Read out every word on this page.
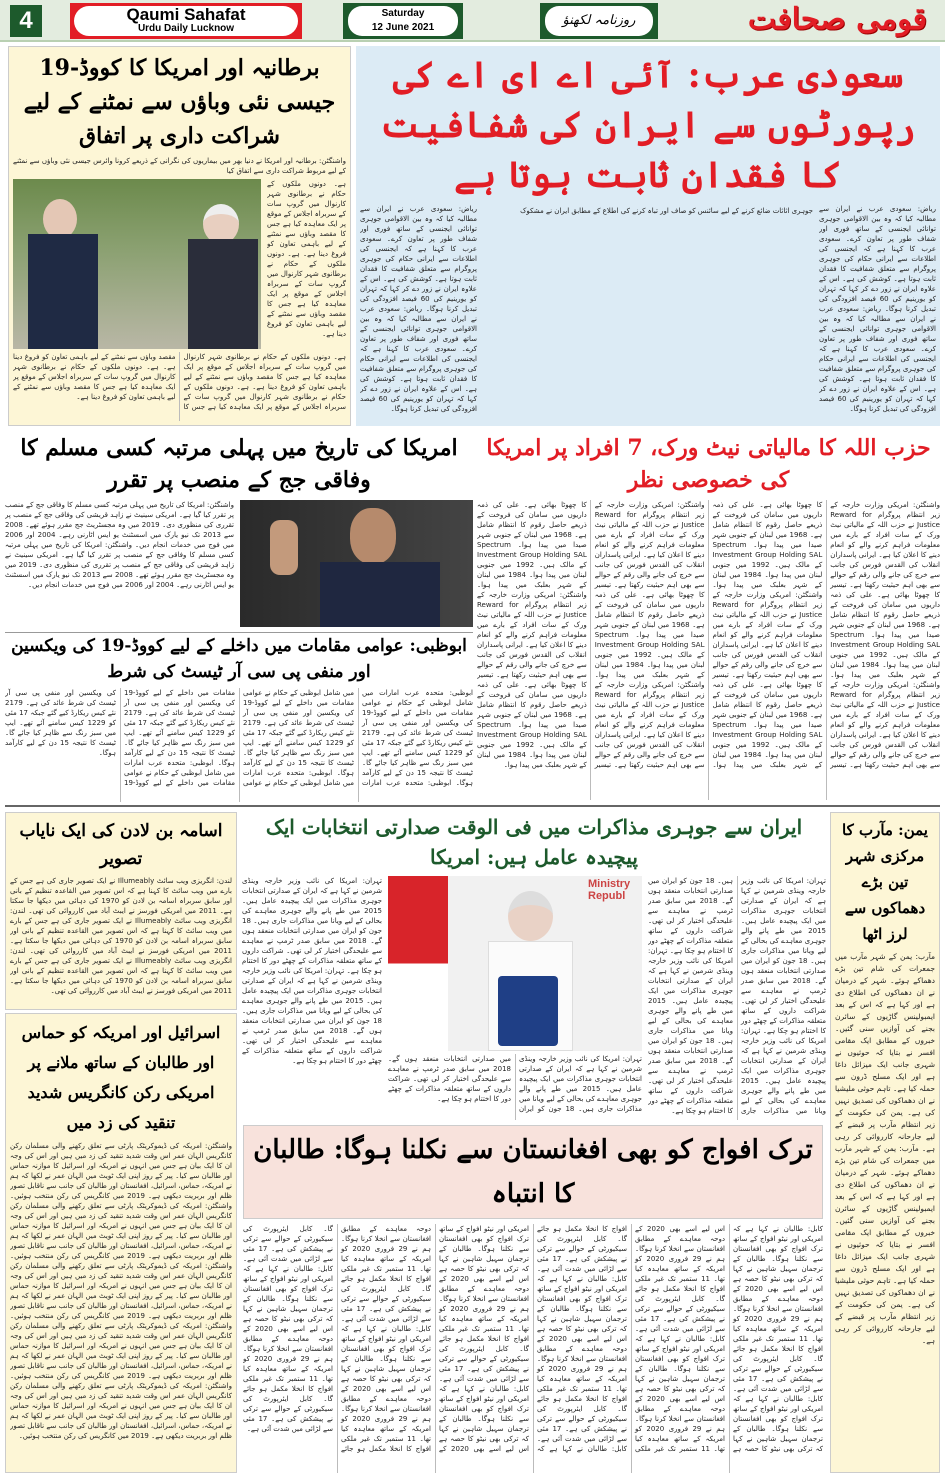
4	Qaumi Sahafat
Urdu Daily Lucknow
Saturday
12 June 2021	روزنامہ لکھنؤ	قومی صحافت
برطانیہ اور امریکا کا کووڈ-19 جیسی نئی وباؤں سے نمٹنے کے لیے شراکت داری پر اتفاق
واشنگٹن: برطانیہ اور امریکا نے دنیا بھر میں بیماریوں کی نگرانی کے ذریعے کرونا وائرس جیسی نئی وباؤں سے نمٹنے کے لیے مربوط شراکت داری سے اتفاق کیا
ہے۔ دونوں ملکوں کے حکام نے برطانوی شہر کارنوال میں گروپ سات کے سربراہ اجلاس کے موقع پر ایک معاہدہ کیا ہے جس کا مقصد وباؤں سے نمٹنے کے لیے باہمی تعاون کو فروغ دینا ہے۔ ہے۔ دونوں ملکوں کے حکام نے برطانوی شہر کارنوال میں گروپ سات کے سربراہ اجلاس کے موقع پر ایک معاہدہ کیا ہے جس کا مقصد وباؤں سے نمٹنے کے لیے باہمی تعاون کو فروغ دینا ہے۔
ہے۔ دونوں ملکوں کے حکام نے برطانوی شہر کارنوال میں گروپ سات کے سربراہ اجلاس کے موقع پر ایک معاہدہ کیا ہے جس کا مقصد وباؤں سے نمٹنے کے لیے باہمی تعاون کو فروغ دینا ہے۔ ہے۔ دونوں ملکوں کے حکام نے برطانوی شہر کارنوال میں گروپ سات کے سربراہ اجلاس کے موقع پر ایک معاہدہ کیا ہے جس کا مقصد وباؤں سے نمٹنے کے لیے باہمی تعاون کو فروغ دینا ہے۔ ہے۔ دونوں ملکوں کے حکام نے برطانوی شہر کارنوال میں گروپ سات کے سربراہ اجلاس کے موقع پر ایک معاہدہ کیا ہے جس کا مقصد وباؤں سے نمٹنے کے لیے باہمی تعاون کو فروغ دینا ہے۔
سعودی عرب: آئی اے ای اے کی رپورٹوں سے ایران کی شفافیت کا فقدان ثابت ہوتا ہے
ریاض: سعودی عرب نے ایران سے مطالبہ کیا کہ وہ بین الاقوامی جوہری توانائی ایجنسی کے ساتھ فوری اور شفاف طور پر تعاون کرے۔ سعودی عرب کا کہنا ہے کہ ایجنسی کی اطلاعات سے ایرانی حکام کی جوہری پروگرام سے متعلق شفافیت کا فقدان ثابت ہوتا ہے۔ کوشش کی ہے۔ اس کے علاوہ ایران نے زور دے کر کہا کہ تہران کو یورینیم کی 60 فیصد افزودگی کی تبدیل کرنا ہوگا۔ ریاض: سعودی عرب نے ایران سے مطالبہ کیا کہ وہ بین الاقوامی جوہری توانائی ایجنسی کے ساتھ فوری اور شفاف طور پر تعاون کرے۔ سعودی عرب کا کہنا ہے کہ ایجنسی کی اطلاعات سے ایرانی حکام کی جوہری پروگرام سے متعلق شفافیت کا فقدان ثابت ہوتا ہے۔ کوشش کی ہے۔ اس کے علاوہ ایران نے زور دے کر کہا کہ تہران کو یورینیم کی 60 فیصد افزودگی کی تبدیل کرنا ہوگا۔
جوہری اثاثات ضائع کرنے کے لیے سائنس کو صاف اور تباہ کرنے کی اطلاع کے مطابق ایران نے مشکوک
ریاض: سعودی عرب نے ایران سے مطالبہ کیا کہ وہ بین الاقوامی جوہری توانائی ایجنسی کے ساتھ فوری اور شفاف طور پر تعاون کرے۔ سعودی عرب کا کہنا ہے کہ ایجنسی کی اطلاعات سے ایرانی حکام کی جوہری پروگرام سے متعلق شفافیت کا فقدان ثابت ہوتا ہے۔ کوشش کی ہے۔ اس کے علاوہ ایران نے زور دے کر کہا کہ تہران کو یورینیم کی 60 فیصد افزودگی کی تبدیل کرنا ہوگا۔ ریاض: سعودی عرب نے ایران سے مطالبہ کیا کہ وہ بین الاقوامی جوہری توانائی ایجنسی کے ساتھ فوری اور شفاف طور پر تعاون کرے۔ سعودی عرب کا کہنا ہے کہ ایجنسی کی اطلاعات سے ایرانی حکام کی جوہری پروگرام سے متعلق شفافیت کا فقدان ثابت ہوتا ہے۔ کوشش کی ہے۔ اس کے علاوہ ایران نے زور دے کر کہا کہ تہران کو یورینیم کی 60 فیصد افزودگی کی تبدیل کرنا ہوگا۔
امریکا کی تاریخ میں پہلی مرتبہ کسی مسلم کا وفاقی جج کے منصب پر تقرر
واشنگٹن: امریکا کی تاریخ میں پہلی مرتبہ کسی مسلم کا وفاقی جج کے منصب پر تقرر کیا گیا ہے۔ امریکی سینیٹ نے زاہد قریشی کی وفاقی جج کے منصب پر تقرری کی منظوری دی۔ 2019 میں وہ مجسٹریٹ جج مقرر ہوئے تھے۔ 2008 سے 2013 تک نیو یارک میں اسسٹنٹ یو ایس اٹارنی رہے۔ 2004 اور 2006 میں فوج میں خدمات انجام دیں۔ واشنگٹن: امریکا کی تاریخ میں پہلی مرتبہ کسی مسلم کا وفاقی جج کے منصب پر تقرر کیا گیا ہے۔ امریکی سینیٹ نے زاہد قریشی کی وفاقی جج کے منصب پر تقرری کی منظوری دی۔ 2019 میں وہ مجسٹریٹ جج مقرر ہوئے تھے۔ 2008 سے 2013 تک نیو یارک میں اسسٹنٹ یو ایس اٹارنی رہے۔ 2004 اور 2006 میں فوج میں خدمات انجام دیں۔
حزب اللہ کا مالیاتی نیٹ ورک، 7 افراد پر امریکا کی خصوصی نظر
واشنگٹن: امریکی وزارت خارجہ کے زیر انتظام پروگرام Reward for Justice نے حزب اللہ کے مالیاتی نیٹ ورک کے سات افراد کے بارے میں معلومات فراہم کرنے والے کو انعام دینے کا اعلان کیا ہے۔ ایرانی پاسداران انقلاب کی القدس فورس کی جانب سے خرچ کی جانے والی رقم کے حوالے سے بھی اہم حیثیت رکھتا ہے۔ تیسیر کا چھوٹا بھائی ہے۔ علی کی ذمہ داریوں میں سامان کی فروخت کے ذریعے حاصل رقوم کا انتظام شامل ہے۔ 1968 میں لبنان کے جنوبی شہر صیدا میں پیدا ہوا۔ Spectrum Investment Group Holding SAL کے مالک ہیں۔ 1992 میں جنوبی لبنان میں پیدا ہوا۔ 1984 میں لبنان کے شہر بعلبک میں پیدا ہوا۔ واشنگٹن: امریکی وزارت خارجہ کے زیر انتظام پروگرام Reward for Justice نے حزب اللہ کے مالیاتی نیٹ ورک کے سات افراد کے بارے میں معلومات فراہم کرنے والے کو انعام دینے کا اعلان کیا ہے۔ ایرانی پاسداران انقلاب کی القدس فورس کی جانب سے خرچ کی جانے والی رقم کے حوالے سے بھی اہم حیثیت رکھتا ہے۔ تیسیر کا چھوٹا بھائی ہے۔ علی کی ذمہ داریوں میں سامان کی فروخت کے ذریعے حاصل رقوم کا انتظام شامل ہے۔ 1968 میں لبنان کے جنوبی شہر صیدا میں پیدا ہوا۔ Spectrum Investment Group Holding SAL کے مالک ہیں۔ 1992 میں جنوبی لبنان میں پیدا ہوا۔ 1984 میں لبنان کے شہر بعلبک میں پیدا ہوا۔ واشنگٹن: امریکی وزارت خارجہ کے زیر انتظام پروگرام Reward for Justice نے حزب اللہ کے مالیاتی نیٹ ورک کے سات افراد کے بارے میں معلومات فراہم کرنے والے کو انعام دینے کا اعلان کیا ہے۔ ایرانی پاسداران انقلاب کی القدس فورس کی جانب سے خرچ کی جانے والی رقم کے حوالے سے بھی اہم حیثیت رکھتا ہے۔ تیسیر کا چھوٹا بھائی ہے۔ علی کی ذمہ داریوں میں سامان کی فروخت کے ذریعے حاصل رقوم کا انتظام شامل ہے۔ 1968 میں لبنان کے جنوبی شہر صیدا میں پیدا ہوا۔ Spectrum Investment Group Holding SAL کے مالک ہیں۔ 1992 میں جنوبی لبنان میں پیدا ہوا۔ 1984 میں لبنان کے شہر بعلبک میں پیدا ہوا۔ واشنگٹن: امریکی وزارت خارجہ کے زیر انتظام پروگرام Reward for Justice نے حزب اللہ کے مالیاتی نیٹ ورک کے سات افراد کے بارے میں معلومات فراہم کرنے والے کو انعام دینے کا اعلان کیا ہے۔ ایرانی پاسداران انقلاب کی القدس فورس کی جانب سے خرچ کی جانے والی رقم کے حوالے سے بھی اہم حیثیت رکھتا ہے۔ تیسیر کا چھوٹا بھائی ہے۔ علی کی ذمہ داریوں میں سامان کی فروخت کے ذریعے حاصل رقوم کا انتظام شامل ہے۔ 1968 میں لبنان کے جنوبی شہر صیدا میں پیدا ہوا۔ Spectrum Investment Group Holding SAL کے مالک ہیں۔ 1992 میں جنوبی لبنان میں پیدا ہوا۔ 1984 میں لبنان کے شہر بعلبک میں پیدا ہوا۔ واشنگٹن: امریکی وزارت خارجہ کے زیر انتظام پروگرام Reward for Justice نے حزب اللہ کے مالیاتی نیٹ ورک کے سات افراد کے بارے میں معلومات فراہم کرنے والے کو انعام دینے کا اعلان کیا ہے۔ ایرانی پاسداران انقلاب کی القدس فورس کی جانب سے خرچ کی جانے والی رقم کے حوالے سے بھی اہم حیثیت رکھتا ہے۔ تیسیر کا چھوٹا بھائی ہے۔ علی کی ذمہ داریوں میں سامان کی فروخت کے ذریعے حاصل رقوم کا انتظام شامل ہے۔ 1968 میں لبنان کے جنوبی شہر صیدا میں پیدا ہوا۔ Spectrum Investment Group Holding SAL کے مالک ہیں۔ 1992 میں جنوبی لبنان میں پیدا ہوا۔ 1984 میں لبنان کے شہر بعلبک میں پیدا ہوا۔ واشنگٹن: امریکی وزارت خارجہ کے زیر انتظام پروگرام Reward for Justice نے حزب اللہ کے مالیاتی نیٹ ورک کے سات افراد کے بارے میں معلومات فراہم کرنے والے کو انعام دینے کا اعلان کیا ہے۔ ایرانی پاسداران انقلاب کی القدس فورس کی جانب سے خرچ کی جانے والی رقم کے حوالے سے بھی اہم حیثیت رکھتا ہے۔ تیسیر کا چھوٹا بھائی ہے۔ علی کی ذمہ داریوں میں سامان کی فروخت کے ذریعے حاصل رقوم کا انتظام شامل ہے۔ 1968 میں لبنان کے جنوبی شہر صیدا میں پیدا ہوا۔ Spectrum Investment Group Holding SAL کے مالک ہیں۔ 1992 میں جنوبی لبنان میں پیدا ہوا۔ 1984 میں لبنان کے شہر بعلبک میں پیدا ہوا۔
ابوظبی: عوامی مقامات میں داخلے کے لیے کووڈ-19 کی ویکسین اور منفی پی سی آر ٹیسٹ کی شرط
ابوظبی: متحدہ عرب امارات میں شامل ابوظبی کے حکام نے عوامی مقامات میں داخلے کے لیے کووڈ-19 کی ویکسین اور منفی پی سی آر ٹیسٹ کی شرط عائد کی ہے۔ 2179 نئے کیس ریکارڈ کیے گئے جبکہ 17 مئی کو 1229 کیس سامنے آئے تھے۔ ایپ میں سبز رنگ سے ظاہر کیا جائے گا۔ ٹیسٹ کا نتیجہ 15 دن کے لیے کارآمد ہوگا۔ ابوظبی: متحدہ عرب امارات میں شامل ابوظبی کے حکام نے عوامی مقامات میں داخلے کے لیے کووڈ-19 کی ویکسین اور منفی پی سی آر ٹیسٹ کی شرط عائد کی ہے۔ 2179 نئے کیس ریکارڈ کیے گئے جبکہ 17 مئی کو 1229 کیس سامنے آئے تھے۔ ایپ میں سبز رنگ سے ظاہر کیا جائے گا۔ ٹیسٹ کا نتیجہ 15 دن کے لیے کارآمد ہوگا۔ ابوظبی: متحدہ عرب امارات میں شامل ابوظبی کے حکام نے عوامی مقامات میں داخلے کے لیے کووڈ-19 کی ویکسین اور منفی پی سی آر ٹیسٹ کی شرط عائد کی ہے۔ 2179 نئے کیس ریکارڈ کیے گئے جبکہ 17 مئی کو 1229 کیس سامنے آئے تھے۔ ایپ میں سبز رنگ سے ظاہر کیا جائے گا۔ ٹیسٹ کا نتیجہ 15 دن کے لیے کارآمد ہوگا۔ ابوظبی: متحدہ عرب امارات میں شامل ابوظبی کے حکام نے عوامی مقامات میں داخلے کے لیے کووڈ-19 کی ویکسین اور منفی پی سی آر ٹیسٹ کی شرط عائد کی ہے۔ 2179 نئے کیس ریکارڈ کیے گئے جبکہ 17 مئی کو 1229 کیس سامنے آئے تھے۔ ایپ میں سبز رنگ سے ظاہر کیا جائے گا۔ ٹیسٹ کا نتیجہ 15 دن کے لیے کارآمد ہوگا۔
اسامہ بن لادن کی ایک نایاب تصویر
لندن: انگریزی ویب سائٹ Illumeably نے ایک تصویر جاری کی ہے جس کے بارے میں ویب سائٹ کا کہنا ہے کہ اس تصویر میں القاعدہ تنظیم کے بانی اور سابق سربراہ اسامہ بن لادن کو 1970 کی دہائی میں دیکھا جا سکتا ہے۔ 2011 میں امریکی فورسز نے ایبٹ آباد میں کارروائی کی تھی۔ لندن: انگریزی ویب سائٹ Illumeably نے ایک تصویر جاری کی ہے جس کے بارے میں ویب سائٹ کا کہنا ہے کہ اس تصویر میں القاعدہ تنظیم کے بانی اور سابق سربراہ اسامہ بن لادن کو 1970 کی دہائی میں دیکھا جا سکتا ہے۔ 2011 میں امریکی فورسز نے ایبٹ آباد میں کارروائی کی تھی۔ لندن: انگریزی ویب سائٹ Illumeably نے ایک تصویر جاری کی ہے جس کے بارے میں ویب سائٹ کا کہنا ہے کہ اس تصویر میں القاعدہ تنظیم کے بانی اور سابق سربراہ اسامہ بن لادن کو 1970 کی دہائی میں دیکھا جا سکتا ہے۔ 2011 میں امریکی فورسز نے ایبٹ آباد میں کارروائی کی تھی۔
اسرائیل اور امریکہ کو حماس اور طالبان کے ساتھ ملانے پر امریکی رکن کانگریس شدید تنقید کی زد میں
واشنگٹن: امریکہ کی ڈیموکریٹک پارٹی سے تعلق رکھنے والی مسلمان رکن کانگریس الہان عمر اس وقت شدید تنقید کی زد میں ہیں اور اس کی وجہ ان کا ایک بیان ہے جس میں انہوں نے امریکہ اور اسرائیل کا موازنہ حماس اور طالبان سے کیا۔ پیر کے روز اپنی ایک ٹویٹ میں الہان عمر نے لکھا کہ ہم نے امریکہ، حماس، اسرائیل، افغانستان اور طالبان کی جانب سے ناقابل تصور ظلم اور بربریت دیکھی ہے۔ 2019 میں کانگریس کی رکن منتخب ہوئیں۔ واشنگٹن: امریکہ کی ڈیموکریٹک پارٹی سے تعلق رکھنے والی مسلمان رکن کانگریس الہان عمر اس وقت شدید تنقید کی زد میں ہیں اور اس کی وجہ ان کا ایک بیان ہے جس میں انہوں نے امریکہ اور اسرائیل کا موازنہ حماس اور طالبان سے کیا۔ پیر کے روز اپنی ایک ٹویٹ میں الہان عمر نے لکھا کہ ہم نے امریکہ، حماس، اسرائیل، افغانستان اور طالبان کی جانب سے ناقابل تصور ظلم اور بربریت دیکھی ہے۔ 2019 میں کانگریس کی رکن منتخب ہوئیں۔ واشنگٹن: امریکہ کی ڈیموکریٹک پارٹی سے تعلق رکھنے والی مسلمان رکن کانگریس الہان عمر اس وقت شدید تنقید کی زد میں ہیں اور اس کی وجہ ان کا ایک بیان ہے جس میں انہوں نے امریکہ اور اسرائیل کا موازنہ حماس اور طالبان سے کیا۔ پیر کے روز اپنی ایک ٹویٹ میں الہان عمر نے لکھا کہ ہم نے امریکہ، حماس، اسرائیل، افغانستان اور طالبان کی جانب سے ناقابل تصور ظلم اور بربریت دیکھی ہے۔ 2019 میں کانگریس کی رکن منتخب ہوئیں۔ واشنگٹن: امریکہ کی ڈیموکریٹک پارٹی سے تعلق رکھنے والی مسلمان رکن کانگریس الہان عمر اس وقت شدید تنقید کی زد میں ہیں اور اس کی وجہ ان کا ایک بیان ہے جس میں انہوں نے امریکہ اور اسرائیل کا موازنہ حماس اور طالبان سے کیا۔ پیر کے روز اپنی ایک ٹویٹ میں الہان عمر نے لکھا کہ ہم نے امریکہ، حماس، اسرائیل، افغانستان اور طالبان کی جانب سے ناقابل تصور ظلم اور بربریت دیکھی ہے۔ 2019 میں کانگریس کی رکن منتخب ہوئیں۔ واشنگٹن: امریکہ کی ڈیموکریٹک پارٹی سے تعلق رکھنے والی مسلمان رکن کانگریس الہان عمر اس وقت شدید تنقید کی زد میں ہیں اور اس کی وجہ ان کا ایک بیان ہے جس میں انہوں نے امریکہ اور اسرائیل کا موازنہ حماس اور طالبان سے کیا۔ پیر کے روز اپنی ایک ٹویٹ میں الہان عمر نے لکھا کہ ہم نے امریکہ، حماس، اسرائیل، افغانستان اور طالبان کی جانب سے ناقابل تصور ظلم اور بربریت دیکھی ہے۔ 2019 میں کانگریس کی رکن منتخب ہوئیں۔
ایران سے جوہری مذاکرات میں فی الوقت صدارتی انتخابات ایک پیچیدہ عامل ہیں: امریکا
تہران: امریکا کی نائب وزیر خارجہ وینڈی شرمین نے کہا ہے کہ ایران کے صدارتی انتخابات جوہری مذاکرات میں ایک پیچیدہ عامل ہیں۔ 2015 میں طے پانے والے جوہری معاہدے کی بحالی کے لیے ویانا میں مذاکرات جاری ہیں۔ 18 جون کو ایران میں صدارتی انتخابات منعقد ہوں گے۔ 2018 میں سابق صدر ٹرمپ نے معاہدے سے علیحدگی اختیار کر لی تھی۔ شراکت داروں کے ساتھ متعلقہ مذاکرات کے چھٹے دور کا اختتام ہو چکا ہے۔ تہران: امریکا کی نائب وزیر خارجہ وینڈی شرمین نے کہا ہے کہ ایران کے صدارتی انتخابات جوہری مذاکرات میں ایک پیچیدہ عامل ہیں۔ 2015 میں طے پانے والے جوہری معاہدے کی بحالی کے لیے ویانا میں مذاکرات جاری ہیں۔ 18 جون کو ایران میں صدارتی انتخابات منعقد ہوں گے۔ 2018 میں سابق صدر ٹرمپ نے معاہدے سے علیحدگی اختیار کر لی تھی۔ شراکت داروں کے ساتھ متعلقہ مذاکرات کے چھٹے دور کا اختتام ہو چکا ہے۔ تہران: امریکا کی نائب وزیر خارجہ وینڈی شرمین نے کہا ہے کہ ایران کے صدارتی انتخابات جوہری مذاکرات میں ایک پیچیدہ عامل ہیں۔ 2015 میں طے پانے والے جوہری معاہدے کی بحالی کے لیے ویانا میں مذاکرات جاری ہیں۔ 18 جون کو ایران میں صدارتی انتخابات منعقد ہوں گے۔ 2018 میں سابق صدر ٹرمپ نے معاہدے سے علیحدگی اختیار کر لی تھی۔ شراکت داروں کے ساتھ متعلقہ مذاکرات کے چھٹے دور کا اختتام ہو چکا ہے۔
Ministry Republ
تہران: امریکا کی نائب وزیر خارجہ وینڈی شرمین نے کہا ہے کہ ایران کے صدارتی انتخابات جوہری مذاکرات میں ایک پیچیدہ عامل ہیں۔ 2015 میں طے پانے والے جوہری معاہدے کی بحالی کے لیے ویانا میں مذاکرات جاری ہیں۔ 18 جون کو ایران میں صدارتی انتخابات منعقد ہوں گے۔ 2018 میں سابق صدر ٹرمپ نے معاہدے سے علیحدگی اختیار کر لی تھی۔ شراکت داروں کے ساتھ متعلقہ مذاکرات کے چھٹے دور کا اختتام ہو چکا ہے۔
تہران: امریکا کی نائب وزیر خارجہ وینڈی شرمین نے کہا ہے کہ ایران کے صدارتی انتخابات جوہری مذاکرات میں ایک پیچیدہ عامل ہیں۔ 2015 میں طے پانے والے جوہری معاہدے کی بحالی کے لیے ویانا میں مذاکرات جاری ہیں۔ 18 جون کو ایران میں صدارتی انتخابات منعقد ہوں گے۔ 2018 میں سابق صدر ٹرمپ نے معاہدے سے علیحدگی اختیار کر لی تھی۔ شراکت داروں کے ساتھ متعلقہ مذاکرات کے چھٹے دور کا اختتام ہو چکا ہے۔ تہران: امریکا کی نائب وزیر خارجہ وینڈی شرمین نے کہا ہے کہ ایران کے صدارتی انتخابات جوہری مذاکرات میں ایک پیچیدہ عامل ہیں۔ 2015 میں طے پانے والے جوہری معاہدے کی بحالی کے لیے ویانا میں مذاکرات جاری ہیں۔ 18 جون کو ایران میں صدارتی انتخابات منعقد ہوں گے۔ 2018 میں سابق صدر ٹرمپ نے معاہدے سے علیحدگی اختیار کر لی تھی۔ شراکت داروں کے ساتھ متعلقہ مذاکرات کے چھٹے دور کا اختتام ہو چکا ہے۔
ترک افواج کو بھی افغانستان سے نکلنا ہوگا: طالبان کا انتباہ
کابل: طالبان نے کہا ہے کہ امریکی اور نیٹو افواج کے ساتھ ترک افواج کو بھی افغانستان سے نکلنا ہوگا۔ طالبان کے ترجمان سہیل شاہین نے کہا کہ ترکی بھی نیٹو کا حصہ ہے اس لیے اسے بھی 2020 کے دوحہ معاہدے کے مطابق افغانستان سے انخلا کرنا ہوگا۔ ہم نے 29 فروری 2020 کو امریکہ کے ساتھ معاہدہ کیا تھا۔ 11 ستمبر تک غیر ملکی افواج کا انخلا مکمل ہو جائے گا۔ کابل ایئرپورٹ کی سیکیورٹی کے حوالے سے ترکی نے پیشکش کی ہے۔ 17 مئی سے لڑائی میں شدت آئی ہے۔ کابل: طالبان نے کہا ہے کہ امریکی اور نیٹو افواج کے ساتھ ترک افواج کو بھی افغانستان سے نکلنا ہوگا۔ طالبان کے ترجمان سہیل شاہین نے کہا کہ ترکی بھی نیٹو کا حصہ ہے اس لیے اسے بھی 2020 کے دوحہ معاہدے کے مطابق افغانستان سے انخلا کرنا ہوگا۔ ہم نے 29 فروری 2020 کو امریکہ کے ساتھ معاہدہ کیا تھا۔ 11 ستمبر تک غیر ملکی افواج کا انخلا مکمل ہو جائے گا۔ کابل ایئرپورٹ کی سیکیورٹی کے حوالے سے ترکی نے پیشکش کی ہے۔ 17 مئی سے لڑائی میں شدت آئی ہے۔ کابل: طالبان نے کہا ہے کہ امریکی اور نیٹو افواج کے ساتھ ترک افواج کو بھی افغانستان سے نکلنا ہوگا۔ طالبان کے ترجمان سہیل شاہین نے کہا کہ ترکی بھی نیٹو کا حصہ ہے اس لیے اسے بھی 2020 کے دوحہ معاہدے کے مطابق افغانستان سے انخلا کرنا ہوگا۔ ہم نے 29 فروری 2020 کو امریکہ کے ساتھ معاہدہ کیا تھا۔ 11 ستمبر تک غیر ملکی افواج کا انخلا مکمل ہو جائے گا۔ کابل ایئرپورٹ کی سیکیورٹی کے حوالے سے ترکی نے پیشکش کی ہے۔ 17 مئی سے لڑائی میں شدت آئی ہے۔ کابل: طالبان نے کہا ہے کہ امریکی اور نیٹو افواج کے ساتھ ترک افواج کو بھی افغانستان سے نکلنا ہوگا۔ طالبان کے ترجمان سہیل شاہین نے کہا کہ ترکی بھی نیٹو کا حصہ ہے اس لیے اسے بھی 2020 کے دوحہ معاہدے کے مطابق افغانستان سے انخلا کرنا ہوگا۔ ہم نے 29 فروری 2020 کو امریکہ کے ساتھ معاہدہ کیا تھا۔ 11 ستمبر تک غیر ملکی افواج کا انخلا مکمل ہو جائے گا۔ کابل ایئرپورٹ کی سیکیورٹی کے حوالے سے ترکی نے پیشکش کی ہے۔ 17 مئی سے لڑائی میں شدت آئی ہے۔ کابل: طالبان نے کہا ہے کہ امریکی اور نیٹو افواج کے ساتھ ترک افواج کو بھی افغانستان سے نکلنا ہوگا۔ طالبان کے ترجمان سہیل شاہین نے کہا کہ ترکی بھی نیٹو کا حصہ ہے اس لیے اسے بھی 2020 کے دوحہ معاہدے کے مطابق افغانستان سے انخلا کرنا ہوگا۔ ہم نے 29 فروری 2020 کو امریکہ کے ساتھ معاہدہ کیا تھا۔ 11 ستمبر تک غیر ملکی افواج کا انخلا مکمل ہو جائے گا۔ کابل ایئرپورٹ کی سیکیورٹی کے حوالے سے ترکی نے پیشکش کی ہے۔ 17 مئی سے لڑائی میں شدت آئی ہے۔ کابل: طالبان نے کہا ہے کہ امریکی اور نیٹو افواج کے ساتھ ترک افواج کو بھی افغانستان سے نکلنا ہوگا۔ طالبان کے ترجمان سہیل شاہین نے کہا کہ ترکی بھی نیٹو کا حصہ ہے اس لیے اسے بھی 2020 کے دوحہ معاہدے کے مطابق افغانستان سے انخلا کرنا ہوگا۔ ہم نے 29 فروری 2020 کو امریکہ کے ساتھ معاہدہ کیا تھا۔ 11 ستمبر تک غیر ملکی افواج کا انخلا مکمل ہو جائے گا۔ کابل ایئرپورٹ کی سیکیورٹی کے حوالے سے ترکی نے پیشکش کی ہے۔ 17 مئی سے لڑائی میں شدت آئی ہے۔ کابل: طالبان نے کہا ہے کہ امریکی اور نیٹو افواج کے ساتھ ترک افواج کو بھی افغانستان سے نکلنا ہوگا۔ طالبان کے ترجمان سہیل شاہین نے کہا کہ ترکی بھی نیٹو کا حصہ ہے اس لیے اسے بھی 2020 کے دوحہ معاہدے کے مطابق افغانستان سے انخلا کرنا ہوگا۔ ہم نے 29 فروری 2020 کو امریکہ کے ساتھ معاہدہ کیا تھا۔ 11 ستمبر تک غیر ملکی افواج کا انخلا مکمل ہو جائے گا۔ کابل ایئرپورٹ کی سیکیورٹی کے حوالے سے ترکی نے پیشکش کی ہے۔ 17 مئی سے لڑائی میں شدت آئی ہے۔ کابل: طالبان نے کہا ہے کہ امریکی اور نیٹو افواج کے ساتھ ترک افواج کو بھی افغانستان سے نکلنا ہوگا۔ طالبان کے ترجمان سہیل شاہین نے کہا کہ ترکی بھی نیٹو کا حصہ ہے اس لیے اسے بھی 2020 کے دوحہ معاہدے کے مطابق افغانستان سے انخلا کرنا ہوگا۔ ہم نے 29 فروری 2020 کو امریکہ کے ساتھ معاہدہ کیا تھا۔ 11 ستمبر تک غیر ملکی افواج کا انخلا مکمل ہو جائے گا۔ کابل ایئرپورٹ کی سیکیورٹی کے حوالے سے ترکی نے پیشکش کی ہے۔ 17 مئی سے لڑائی میں شدت آئی ہے۔
یمن: مآرب کا مرکزی شہر تین بڑے دھماکوں سے لرز اٹھا
مآرب: یمن کے شہر مآرب میں جمعرات کی شام تین بڑے دھماکے ہوئے۔ شہر کے درمیان نے ان دھماکوں کی اطلاع دی ہے اور کہا ہے کہ اس کے بعد ایمبولینس گاڑیوں کے سائرن بجنے کی آوازیں سنی گئیں۔ خبروں کے مطابق ایک مقامی افسر نے بتایا کہ حوثیوں نے شہری جانب ایک میزائل داغا ہے اور ایک مسلح ڈرون سے حملہ کیا ہے۔ تاہم حوثی ملیشیا نے ان دھماکوں کی تصدیق نہیں کی ہے۔ یمن کی حکومت کے زیر انتظام مآرب پر قبضے کے لیے جارحانہ کارروائی کر رہی ہے۔ مآرب: یمن کے شہر مآرب میں جمعرات کی شام تین بڑے دھماکے ہوئے۔ شہر کے درمیان نے ان دھماکوں کی اطلاع دی ہے اور کہا ہے کہ اس کے بعد ایمبولینس گاڑیوں کے سائرن بجنے کی آوازیں سنی گئیں۔ خبروں کے مطابق ایک مقامی افسر نے بتایا کہ حوثیوں نے شہری جانب ایک میزائل داغا ہے اور ایک مسلح ڈرون سے حملہ کیا ہے۔ تاہم حوثی ملیشیا نے ان دھماکوں کی تصدیق نہیں کی ہے۔ یمن کی حکومت کے زیر انتظام مآرب پر قبضے کے لیے جارحانہ کارروائی کر رہی ہے۔
